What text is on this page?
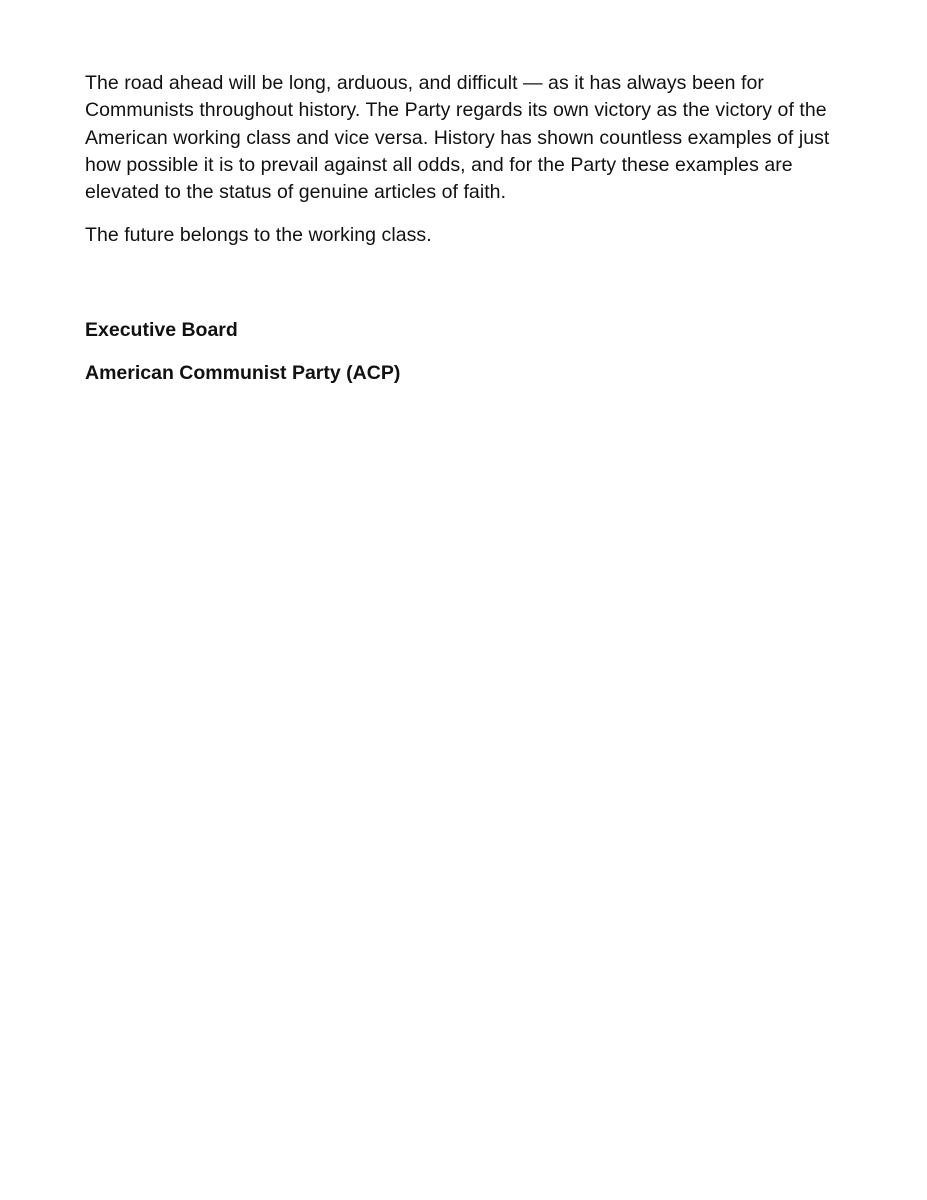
The road ahead will be long, arduous, and difficult — as it has always been for Communists throughout history. The Party regards its own victory as the victory of the American working class and vice versa. History has shown countless examples of just how possible it is to prevail against all odds, and for the Party these examples are elevated to the status of genuine articles of faith.

The future belongs to the working class.

Executive Board

American Communist Party (ACP)
